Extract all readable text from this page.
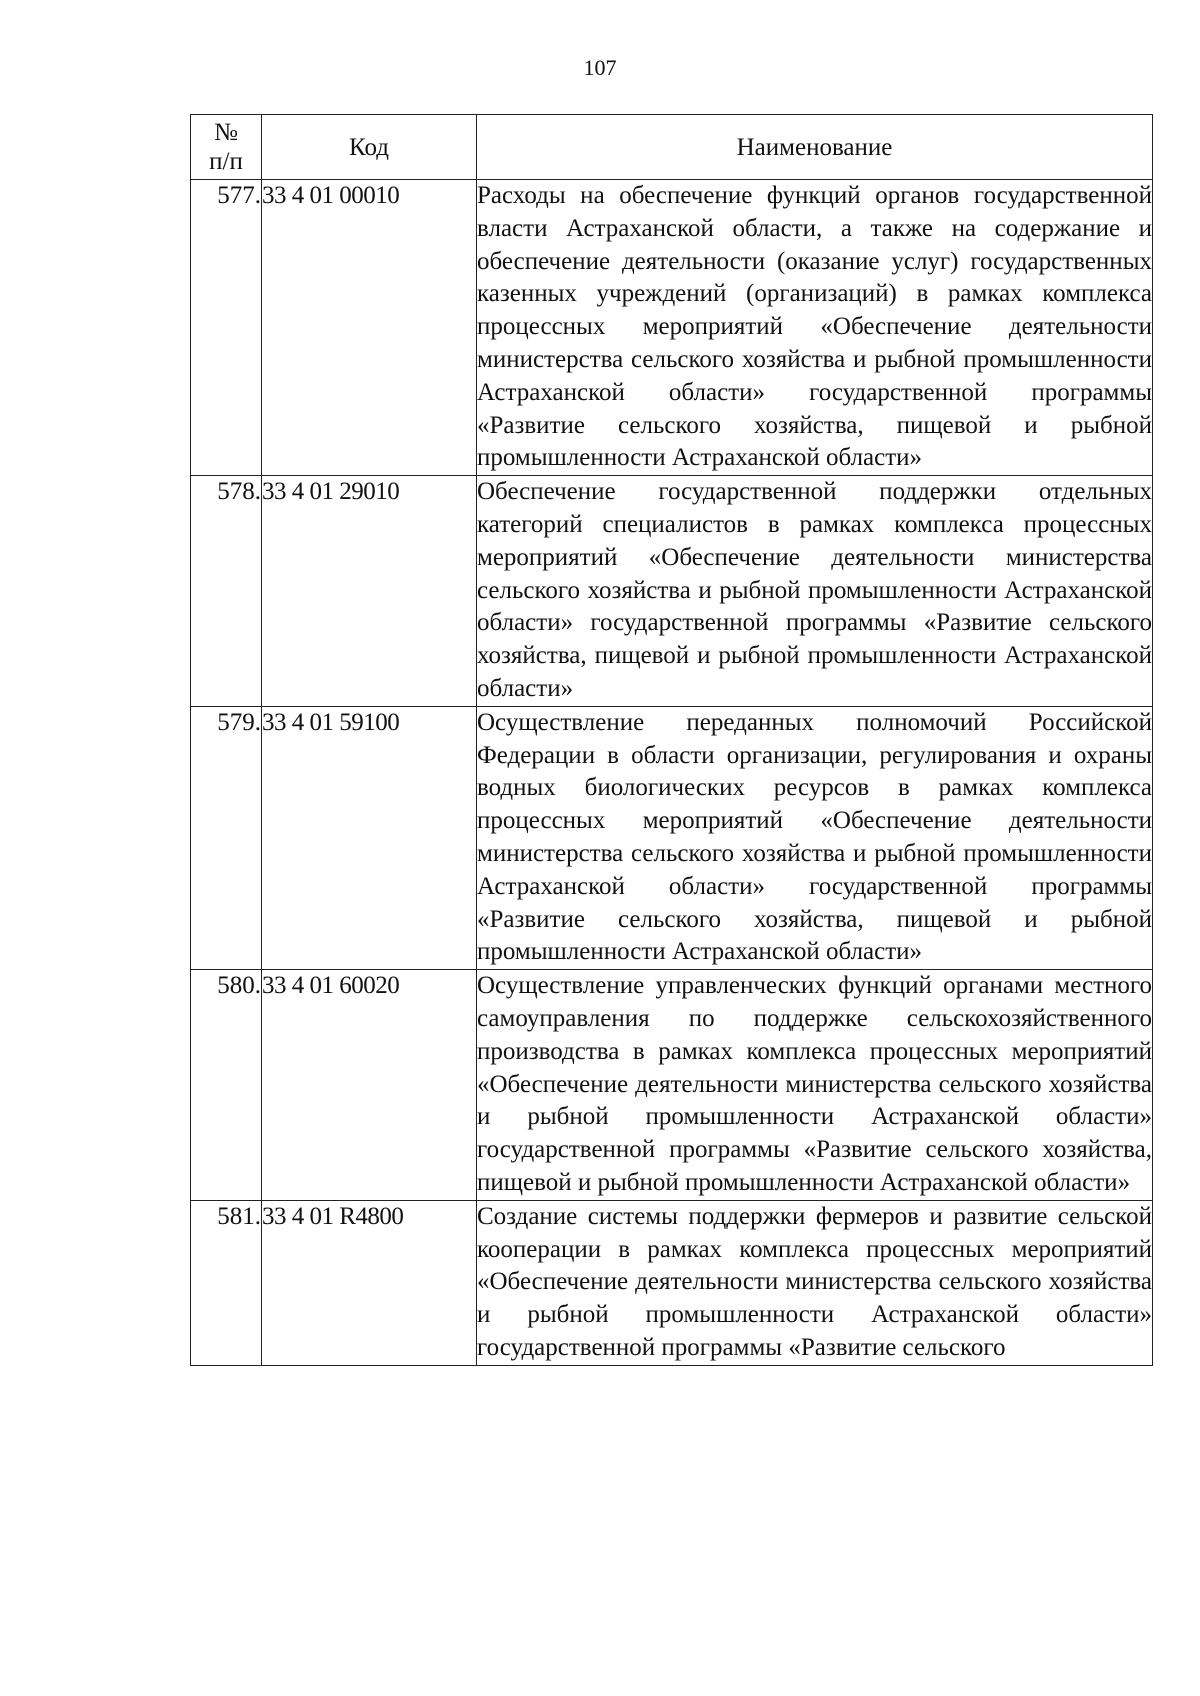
107
№
п/п	Код	Наименование
577.	33 4 01 00010	Расходы на обеспечение функций органов государственной власти Астраханской области, а также на содержание и обеспечение деятельности (оказание услуг) государственных казенных учреждений (организаций) в рамках комплекса процессных мероприятий «Обеспечение деятельности министерства сельского хозяйства и рыбной промышленности Астраханской области» государственной программы «Развитие сельского хозяйства, пищевой и рыбной промышленности Астраханской области»
578.	33 4 01 29010	Обеспечение государственной поддержки отдельных категорий специалистов в рамках комплекса процессных мероприятий «Обеспечение деятельности министерства сельского хозяйства и рыбной промышленности Астраханской области» государственной программы «Развитие сельского хозяйства, пищевой и рыбной промышленности Астраханской области»
579.	33 4 01 59100	Осуществление переданных полномочий Российской Федерации в области организации, регулирования и охраны водных биологических ресурсов в рамках комплекса процессных мероприятий «Обеспечение деятельности министерства сельского хозяйства и рыбной промышленности Астраханской области» государственной программы «Развитие сельского хозяйства, пищевой и рыбной промышленности Астраханской области»
580.	33 4 01 60020	Осуществление управленческих функций органами местного самоуправления по поддержке сельскохозяйственного производства в рамках комплекса процессных мероприятий «Обеспечение деятельности министерства сельского хозяйства и рыбной промышленности Астраханской области» государственной программы «Развитие сельского хозяйства, пищевой и рыбной промышленности Астраханской области»
581.	33 4 01 R4800	Создание системы поддержки фермеров и развитие сельской кооперации в рамках комплекса процессных мероприятий «Обеспечение деятельности министерства сельского хозяйства и рыбной промышленности Астраханской области» государственной программы «Развитие сельского
